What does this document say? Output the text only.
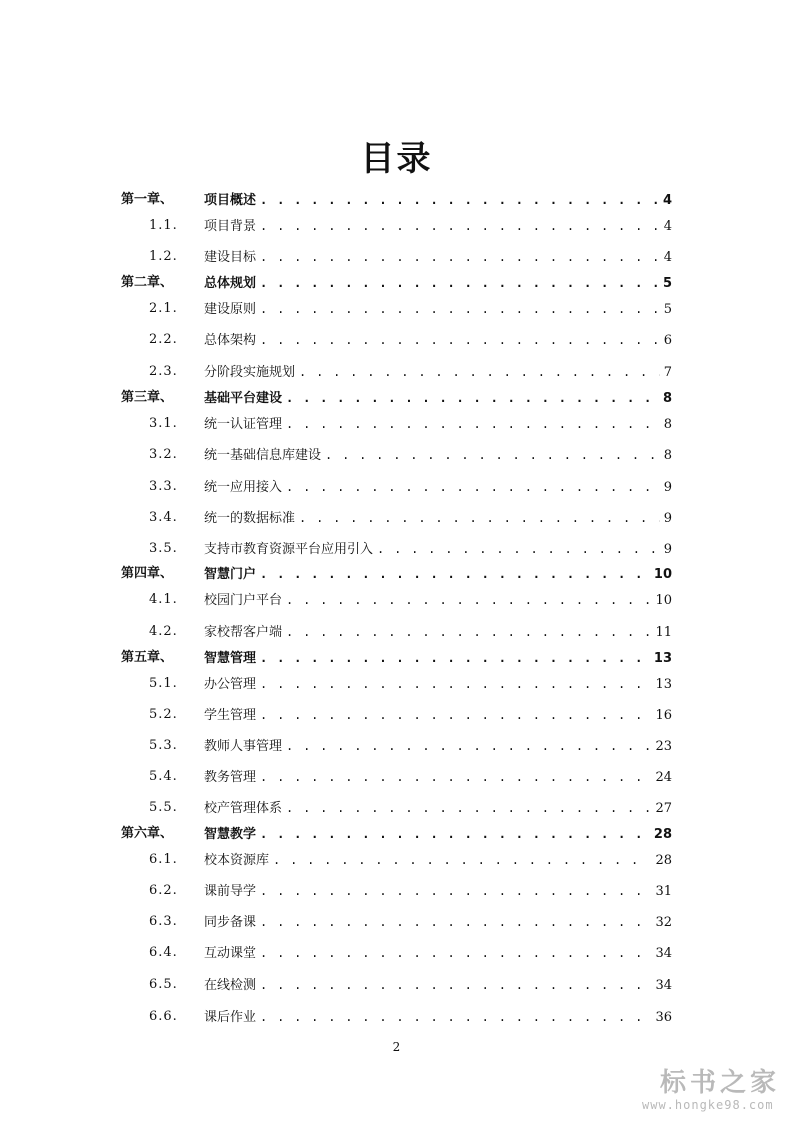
目录
第一章、 项目概述 . . .	4
1.1. 项目背景 . . .	4
1.2. 建设目标 . . .	4
第二章、 总体规划 . . .	5
2.1. 建设原则 . . .	5
2.2. 总体架构 . . .	6
2.3. 分阶段实施规划 . . .	7
第三章、 基础平台建设 . . .	8
3.1. 统一认证管理 . . .	8
3.2. 统一基础信息库建设 . . .	8
3.3. 统一应用接入 . . .	9
3.4. 统一的数据标准 . . .	9
3.5. 支持市教育资源平台应用引入 . . .	9
第四章、 智慧门户 . . .	10
4.1. 校园门户平台 . . .	10
4.2. 家校帮客户端 . . .	11
第五章、 智慧管理 . . .	13
5.1. 办公管理 . . .	13
5.2. 学生管理 . . .	16
5.3. 教师人事管理 . . .	23
5.4. 教务管理 . . .	24
5.5. 校产管理体系 . . .	27
第六章、 智慧教学 . . .	28
6.1. 校本资源库 . . .	28
6.2. 课前导学 . . .	31
6.3. 同步备课 . . .	32
6.4. 互动课堂 . . .	34
6.5. 在线检测 . . .	34
6.6. 课后作业 . . .	36
2
标书之家
www.hongke98.com
